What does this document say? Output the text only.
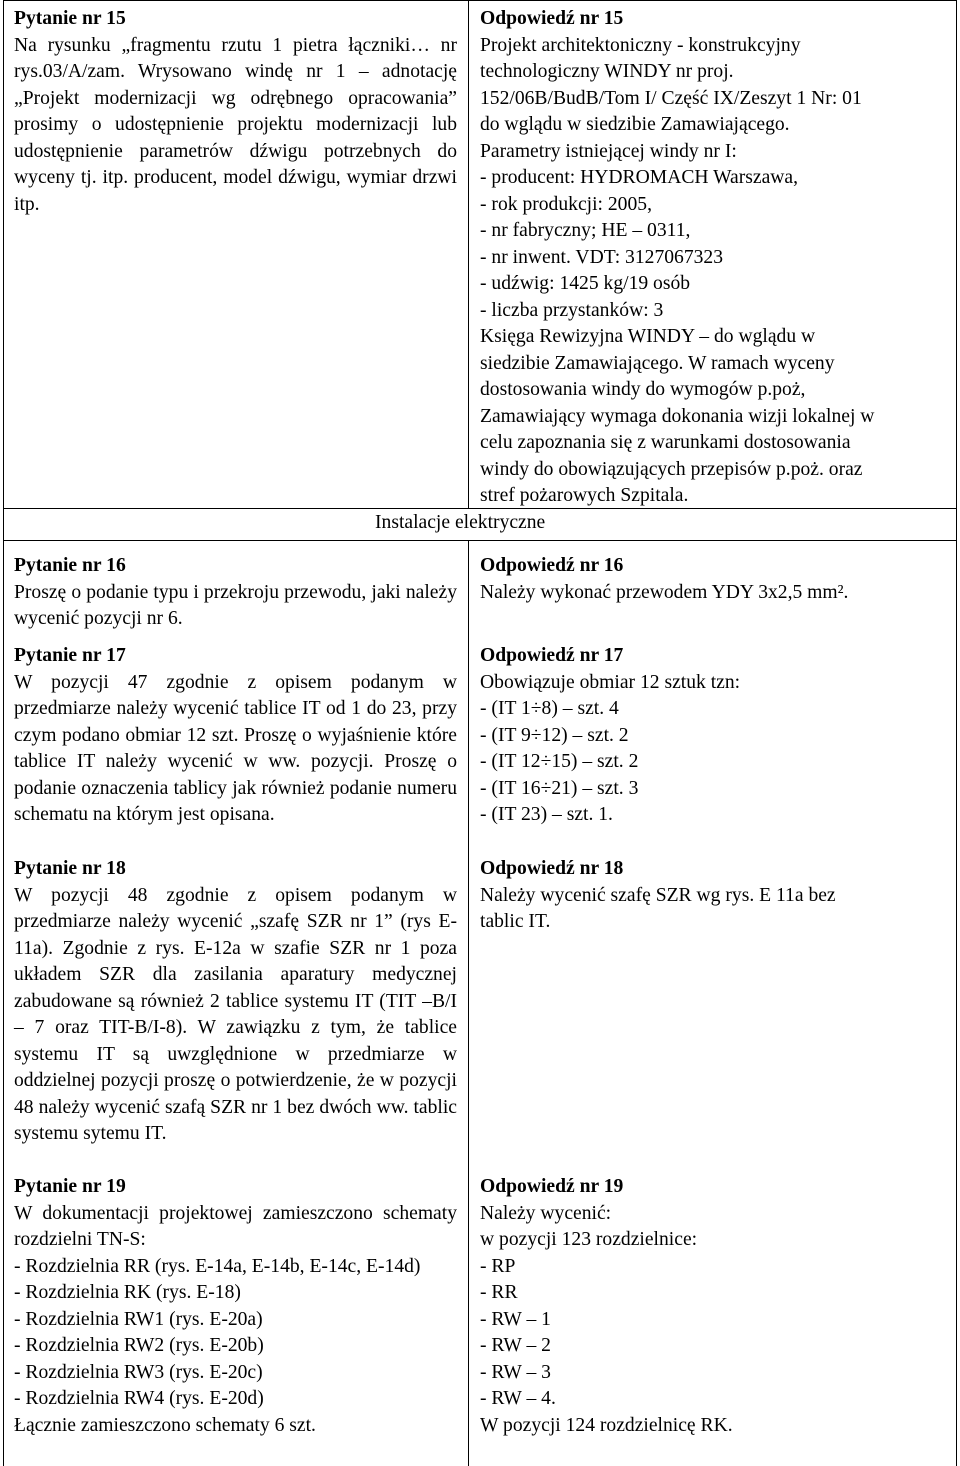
Pytanie nr 15

Na rysunku „fragmentu rzutu 1 pietra łączniki… nr rys.03/A/zam. Wrysowano windę nr 1 – adnotację „Projekt modernizacji wg odrębnego opracowania” prosimy o udostępnienie projektu modernizacji lub udostępnienie parametrów dźwigu potrzebnych do wyceny tj. itp. producent, model dźwigu, wymiar drzwi itp.

Odpowiedź nr 15

Projekt architektoniczny - konstrukcyjny

technologiczny WINDY nr proj.

152/06B/BudB/Tom I/ Część IX/Zeszyt 1 Nr: 01

do wglądu w siedzibie Zamawiającego.

Parametry istniejącej windy nr I:

- producent: HYDROMACH Warszawa,

- rok produkcji: 2005,

- nr fabryczny; HE – 0311,

- nr inwent. VDT: 3127067323

- udźwig: 1425 kg/19 osób

- liczba przystanków: 3

Księga Rewizyjna WINDY – do wglądu w

siedzibie Zamawiającego. W ramach wyceny

dostosowania windy do wymogów p.poż,

Zamawiający wymaga dokonania wizji lokalnej w

celu zapoznania się z warunkami dostosowania

windy do obowiązujących przepisów p.poż. oraz

stref pożarowych Szpitala.

Instalacje elektryczne

Pytanie nr 16

Proszę o podanie typu i przekroju przewodu, jaki należy wycenić pozycji nr 6.

Odpowiedź nr 16

Należy wykonać przewodem YDY 3x2,5 mm².

Pytanie nr 17

W pozycji 47 zgodnie z opisem podanym w przedmiarze należy wycenić tablice IT od 1 do 23, przy czym podano obmiar 12 szt. Proszę o wyjaśnienie które tablice IT należy wycenić w ww. pozycji. Proszę o podanie oznaczenia tablicy jak również podanie numeru schematu na którym jest opisana.

Odpowiedź nr 17

Obowiązuje obmiar 12 sztuk tzn:

- (IT 1÷8) – szt. 4

- (IT 9÷12) – szt. 2

- (IT 12÷15) – szt. 2

- (IT 16÷21) – szt. 3

- (IT 23) – szt. 1.

Pytanie nr 18

W pozycji 48 zgodnie z opisem podanym w przedmiarze należy wycenić „szafę SZR nr 1” (rys E-11a). Zgodnie z rys. E-12a w szafie SZR nr 1 poza układem SZR dla zasilania aparatury medycznej zabudowane są również 2 tablice systemu IT (TIT –B/I – 7 oraz TIT-B/I-8). W zawiązku z tym, że tablice systemu IT są uwzględnione w przedmiarze w oddzielnej pozycji proszę o potwierdzenie, że w pozycji 48 należy wycenić szafą SZR nr 1 bez dwóch ww. tablic systemu sytemu IT.

Odpowiedź nr 18

Należy wycenić szafę SZR wg rys. E 11a bez

tablic IT.

Pytanie nr 19

W dokumentacji projektowej zamieszczono schematy rozdzielni TN-S:

- Rozdzielnia RR (rys. E-14a, E-14b, E-14c, E-14d)
- Rozdzielnia RK (rys. E-18)
- Rozdzielnia RW1 (rys. E-20a)
- Rozdzielnia RW2 (rys. E-20b)
- Rozdzielnia RW3 (rys. E-20c)
- Rozdzielnia RW4 (rys. E-20d)

Łącznie zamieszczono schematy 6 szt.

Odpowiedź nr 19

Należy wycenić:

w pozycji 123 rozdzielnice:

- RP

- RR

- RW – 1

- RW – 2

- RW – 3

- RW – 4.

W pozycji 124 rozdzielnicę RK.
